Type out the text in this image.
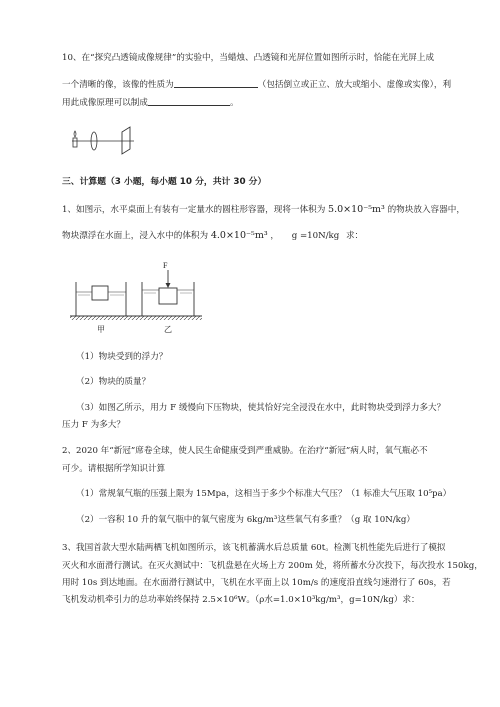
10、在“探究凸透镜成像规律”的实验中，当蜡烛、凸透镜和光屏位置如图所示时，恰能在光屏上成
一个清晰的像，该像的性质为	（包括倒立或正立、放大或缩小、虚像或实像），利
用此成像原理可以制成	。
三、计算题（3 小题，每小题 10 分，共计 30 分）
1、如图示，水平桌面上有装有一定量水的圆柱形容器，现将一体积为 5.0×10⁻⁵m³ 的物块放入容器中，
物块漂浮在水面上，浸入水中的体积为 4.0×10⁻⁵m³ ， g =10N/kg 求：
F
甲	乙
（1）物块受到的浮力？
（2）物块的质量？
（3）如图乙所示，用力 F 缓慢向下压物块，使其恰好完全浸没在水中，此时物块受到浮力多大？
压力 F 为多大？
2、2020 年“新冠”席卷全球，使人民生命健康受到严重威胁。在治疗“新冠”病人时，氧气瓶必不
可少。请根据所学知识计算
（1）常规氧气瓶的压强上限为 15Mpa，这相当于多少个标准大气压？（1 标准大气压取 10⁵pa）
（2）一容积 10 升的氧气瓶中的氧气密度为 6kg/m³这些氧气有多重？（g 取 10N/kg）
3、我国首款大型水陆两栖飞机如图所示，该飞机蓄满水后总质量 60t。检测飞机性能先后进行了模拟
灭火和水面滑行测试。在灭火测试中：飞机盘悬在火场上方 200m 处，将所蓄水分次投下，每次投水 150kg，
用时 10s 到达地面。在水面滑行测试中，飞机在水平面上以 10m/s 的速度沿直线匀速滑行了 60s，若
飞机发动机牵引力的总功率始终保持 2.5×10⁶W。（ρ水=1.0×10³kg/m³，g=10N/kg）求：
